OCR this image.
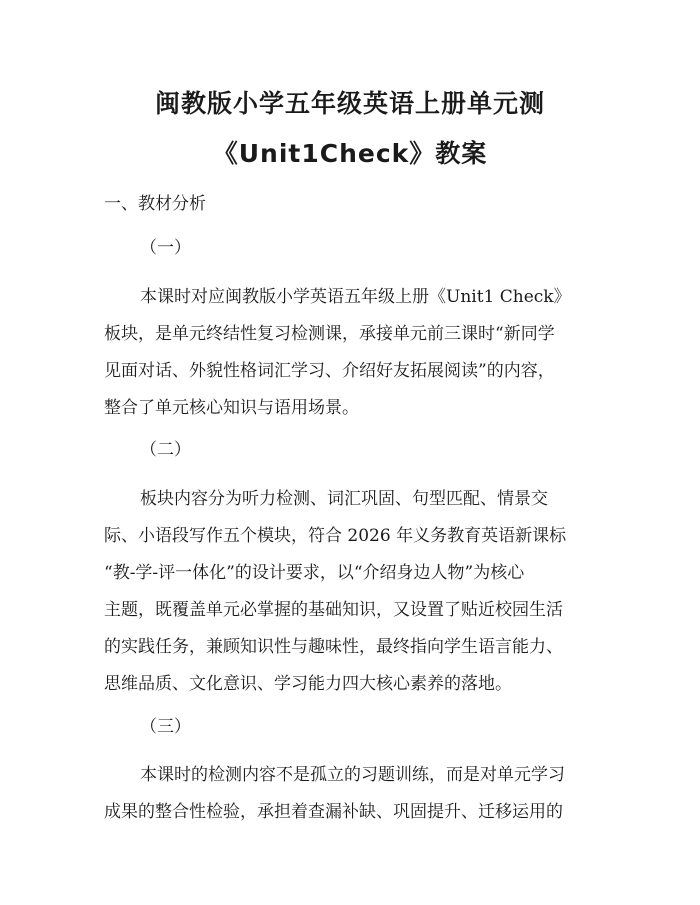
闽教版小学五年级英语上册单元测
《Unit1Check》教案
一、教材分析
（一）
本课时对应闽教版小学英语五年级上册《Unit1 Check》
板块，是单元终结性复习检测课，承接单元前三课时“新同学
见面对话、外貌性格词汇学习、介绍好友拓展阅读”的内容，
整合了单元核心知识与语用场景。
（二）
板块内容分为听力检测、词汇巩固、句型匹配、情景交
际、小语段写作五个模块，符合 2026 年义务教育英语新课标
“教-学-评一体化”的设计要求，以“介绍身边人物”为核心
主题，既覆盖单元必掌握的基础知识，又设置了贴近校园生活
的实践任务，兼顾知识性与趣味性，最终指向学生语言能力、
思维品质、文化意识、学习能力四大核心素养的落地。
（三）
本课时的检测内容不是孤立的习题训练，而是对单元学习
成果的整合性检验，承担着查漏补缺、巩固提升、迁移运用的
